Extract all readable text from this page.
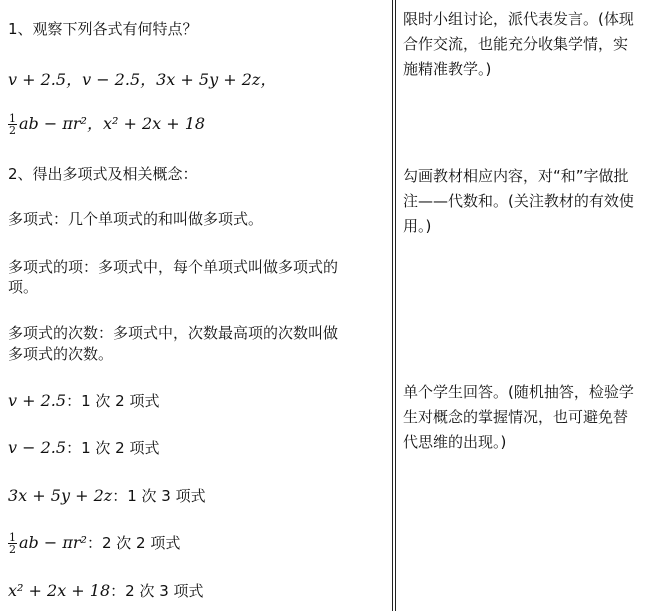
1、观察下列各式有何特点？
v + 2.5，v − 2.5，3x + 5y + 2z，
$\frac{1}{2}$ ab − πr²，x² + 2x + 18
2、得出多项式及相关概念：
多项式：几个单项式的和叫做多项式。
多项式的项：多项式中，每个单项式叫做多项式的
项。
多项式的次数：多项式中，次数最高项的次数叫做
多项式的次数。
v + 2.5：1 次 2 项式
v − 2.5：1 次 2 项式
3x + 5y + 2z：1 次 3 项式
$\frac{1}{2}$ ab − πr²：2 次 2 项式
x² + 2x + 18：2 次 3 项式
限时小组讨论，派代表发言。(体现合作交流，也能充分收集学情，实施精准教学。)
勾画教材相应内容，对“和”字做批注——代数和。(关注教材的有效使用。)
单个学生回答。(随机抽答，检验学生对概念的掌握情况，也可避免替代思维的出现。)
